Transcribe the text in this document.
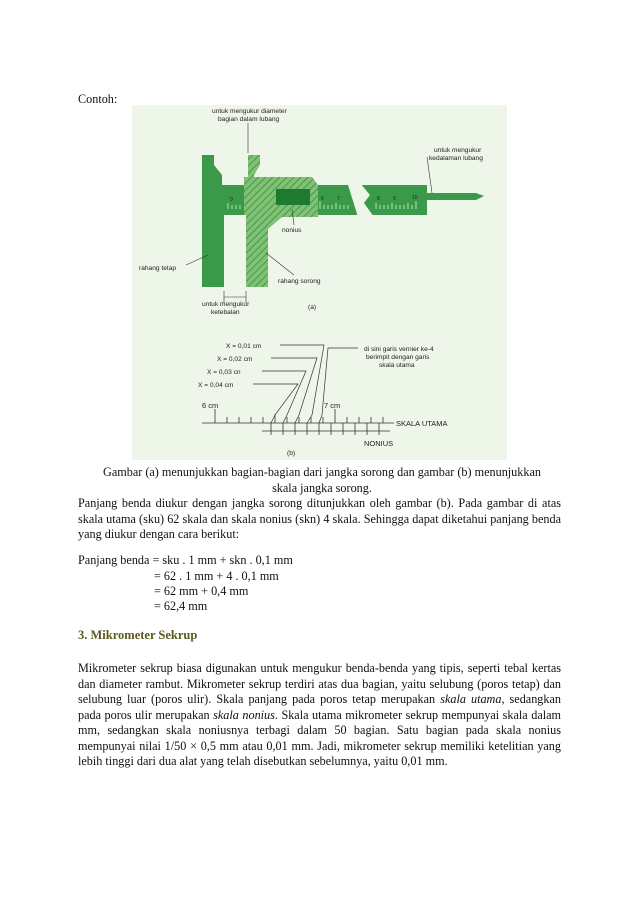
Contoh:
0	6	7	8	9	10
untuk mengukur diameter
bagian dalam lubang
untuk mengukur
kedalaman lubang
nonius
rahang tetap
rahang sorong
untuk mengukur
ketebalan
(a)
X = 0,01 cm
X = 0,02 cm
X = 0,03 cn
X = 0,04 cm
di sini garis vernier ke-4
berimpit dengan garis
skala utama
6 cm	7 cm
SKALA UTAMA
NONIUS
(b)
Gambar (a) menunjukkan bagian-bagian dari jangka sorong dan gambar (b) menunjukkan
skala jangka sorong.
Panjang benda diukur dengan jangka sorong ditunjukkan oleh gambar (b). Pada gambar di atas skala utama (sku) 62 skala dan skala nonius (skn) 4 skala. Sehingga dapat diketahui panjang benda yang diukur dengan cara berikut:
Panjang benda = sku . 1 mm + skn . 0,1 mm
= 62 . 1 mm + 4 . 0,1 mm
= 62 mm + 0,4 mm
= 62,4 mm
3. Mikrometer Sekrup
Mikrometer sekrup biasa digunakan untuk mengukur benda-benda yang tipis, seperti tebal kertas dan diameter rambut. Mikrometer sekrup terdiri atas dua bagian, yaitu selubung (poros tetap) dan selubung luar (poros ulir). Skala panjang pada poros tetap merupakan skala utama, sedangkan pada poros ulir merupakan skala nonius. Skala utama mikrometer sekrup mempunyai skala dalam mm, sedangkan skala noniusnya terbagi dalam 50 bagian. Satu bagian pada skala nonius mempunyai nilai 1/50 × 0,5 mm atau 0,01 mm. Jadi, mikrometer sekrup memiliki ketelitian yang lebih tinggi dari dua alat yang telah disebutkan sebelumnya, yaitu 0,01 mm.
